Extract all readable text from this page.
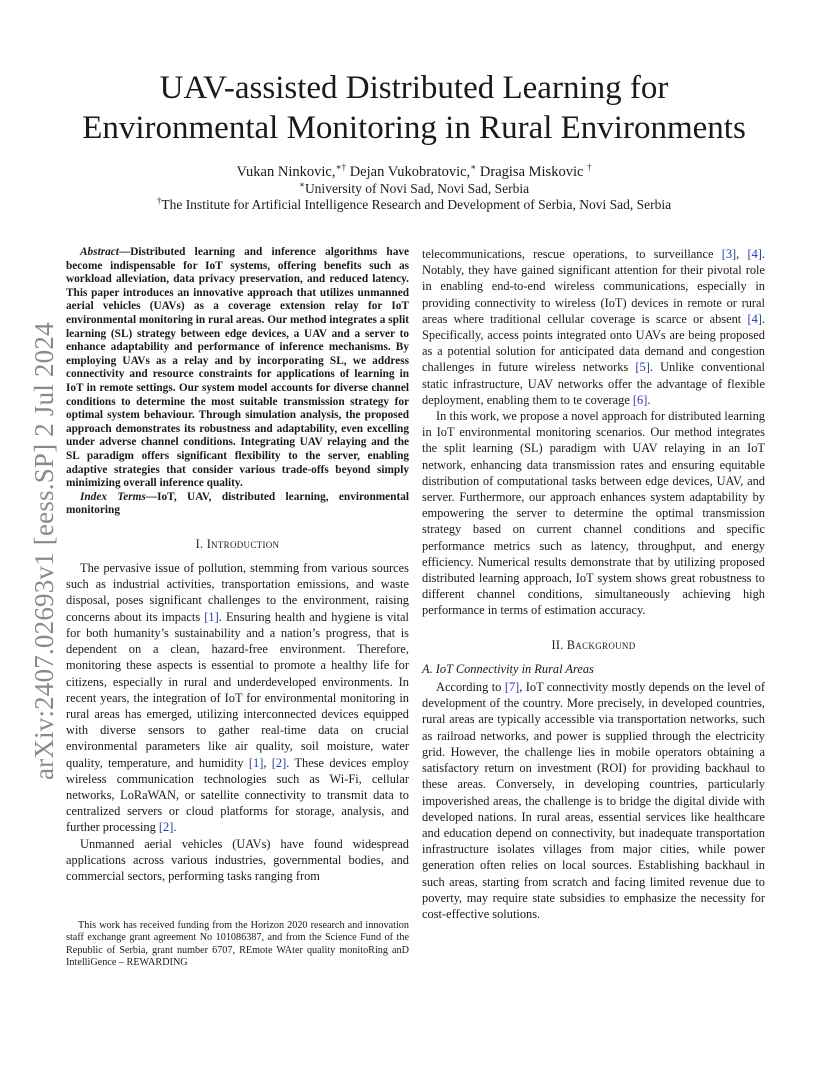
arXiv:2407.02693v1 [eess.SP] 2 Jul 2024
UAV-assisted Distributed Learning for
Environmental Monitoring in Rural Environments
Vukan Ninkovic,∗† Dejan Vukobratovic,∗ Dragisa Miskovic †
∗University of Novi Sad, Novi Sad, Serbia
†The Institute for Artificial Intelligence Research and Development of Serbia, Novi Sad, Serbia

Abstract—Distributed learning and inference algorithms have become indispensable for IoT systems, offering benefits such as workload alleviation, data privacy preservation, and reduced latency. This paper introduces an innovative approach that utilizes unmanned aerial vehicles (UAVs) as a coverage extension relay for IoT environmental monitoring in rural areas. Our method integrates a split learning (SL) strategy between edge devices, a UAV and a server to enhance adaptability and performance of inference mechanisms. By employing UAVs as a relay and by incorporating SL, we address connectivity and resource constraints for applications of learning in IoT in remote settings. Our system model accounts for diverse channel conditions to determine the most suitable transmission strategy for optimal system behaviour. Through simulation analysis, the proposed approach demonstrates its robustness and adaptability, even excelling under adverse channel conditions. Integrating UAV relaying and the SL paradigm offers significant flexibility to the server, enabling adaptive strategies that consider various trade-offs beyond simply minimizing overall inference quality.

Index Terms—IoT, UAV, distributed learning, environmental monitoring

I. Introduction

The pervasive issue of pollution, stemming from various sources such as industrial activities, transportation emissions, and waste disposal, poses significant challenges to the environment, raising concerns about its impacts [1]. Ensuring health and hygiene is vital for both humanity’s sustainability and a nation’s progress, that is dependent on a clean, hazard-free environment. Therefore, monitoring these aspects is essential to promote a healthy life for citizens, especially in rural and underdeveloped environments. In recent years, the integration of IoT for environmental monitoring in rural areas has emerged, utilizing interconnected devices equipped with diverse sensors to gather real-time data on crucial environmental parameters like air quality, soil moisture, water quality, temperature, and humidity [1], [2]. These devices employ wireless communication technologies such as Wi-Fi, cellular networks, LoRaWAN, or satellite connectivity to transmit data to centralized servers or cloud platforms for storage, analysis, and further processing [2].

Unmanned aerial vehicles (UAVs) have found widespread applications across various industries, governmental bodies, and commercial sectors, performing tasks ranging from

This work has received funding from the Horizon 2020 research and innovation staff exchange grant agreement No 101086387, and from the Science Fund of the Republic of Serbia, grant number 6707, REmote WAter quality monitoRing anD IntelliGence – REWARDING

telecommunications, rescue operations, to surveillance [3], [4]. Notably, they have gained significant attention for their pivotal role in enabling end-to-end wireless communications, especially in providing connectivity to wireless (IoT) devices in remote or rural areas where traditional cellular coverage is scarce or absent [4]. Specifically, access points integrated onto UAVs are being proposed as a potential solution for anticipated data demand and congestion challenges in future wireless networks [5]. Unlike conventional static infrastructure, UAV networks offer the advantage of flexible deployment, enabling them to te coverage [6].

In this work, we propose a novel approach for distributed learning in IoT environmental monitoring scenarios. Our method integrates the split learning (SL) paradigm with UAV relaying in an IoT network, enhancing data transmission rates and ensuring equitable distribution of computational tasks between edge devices, UAV, and server. Furthermore, our approach enhances system adaptability by empowering the server to determine the optimal transmission strategy based on current channel conditions and specific performance metrics such as latency, throughput, and energy efficiency. Numerical results demonstrate that by utilizing proposed distributed learning approach, IoT system shows great robustness to different channel conditions, simultaneously achieving high performance in terms of estimation accuracy.

II. Background
A. IoT Connectivity in Rural Areas

According to [7], IoT connectivity mostly depends on the level of development of the country. More precisely, in developed countries, rural areas are typically accessible via transportation networks, such as railroad networks, and power is supplied through the electricity grid. However, the challenge lies in mobile operators obtaining a satisfactory return on investment (ROI) for providing backhaul to these areas. Conversely, in developing countries, particularly impoverished areas, the challenge is to bridge the digital divide with developed nations. In rural areas, essential services like healthcare and education depend on connectivity, but inadequate transportation infrastructure isolates villages from major cities, while power generation often relies on local sources. Establishing backhaul in such areas, starting from scratch and facing limited revenue due to poverty, may require state subsidies to emphasize the necessity for cost-effective solutions.
